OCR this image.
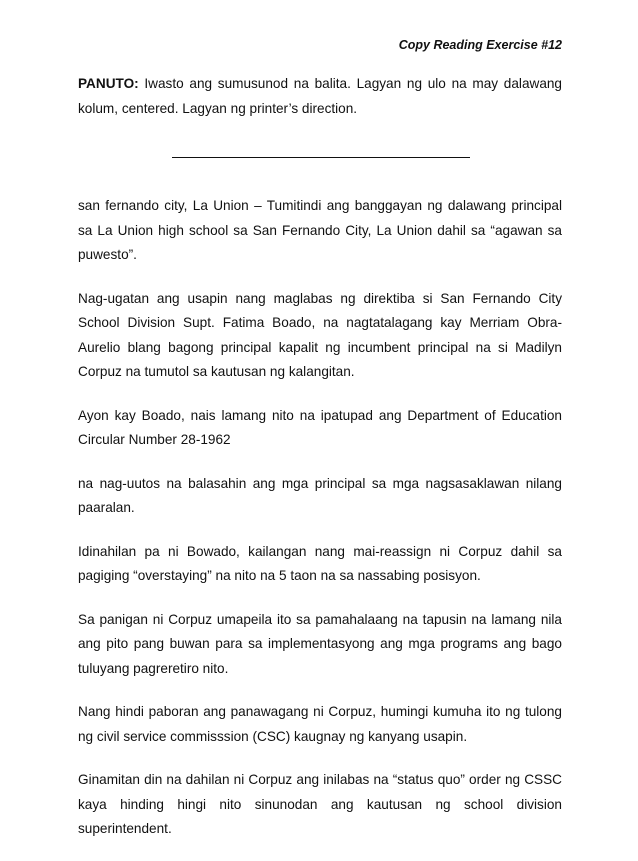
Copy Reading Exercise #12

PANUTO: Iwasto ang sumusunod na balita. Lagyan ng ulo na may dalawang kolum, centered. Lagyan ng printer’s direction.

san fernando city, La Union – Tumitindi ang banggayan ng dalawang principal sa La Union high school sa San Fernando City, La Union dahil sa “agawan sa puwesto”.

Nag-ugatan ang usapin nang maglabas ng direktiba si San Fernando City School Division Supt. Fatima Boado, na nagtatalagang kay Merriam Obra-Aurelio blang bagong principal kapalit ng incumbent principal na si Madilyn Corpuz na tumutol sa kautusan ng kalangitan.

Ayon kay Boado, nais lamang nito na ipatupad ang Department of Education Circular Number 28-1962

na nag-uutos na balasahin ang mga principal sa mga nagsasaklawan nilang paaralan.

Idinahilan pa ni Bowado, kailangan nang mai-reassign ni Corpuz dahil sa pagiging “overstaying” na nito na 5 taon na sa nassabing posisyon.

Sa panigan ni Corpuz umapeila ito sa pamahalaang na tapusin na lamang nila ang pito pang buwan para sa implementasyong ang mga programs ang bago tuluyang pagreretiro nito.

Nang hindi paboran ang panawagang ni Corpuz, humingi kumuha ito ng tulong ng civil service commisssion (CSC) kaugnay ng kanyang usapin.

Ginamitan din na dahilan ni Corpuz ang inilabas na “status quo” order ng CSSC kaya hinding hingi nito sinunodan ang kautusan ng school division superintendent.
